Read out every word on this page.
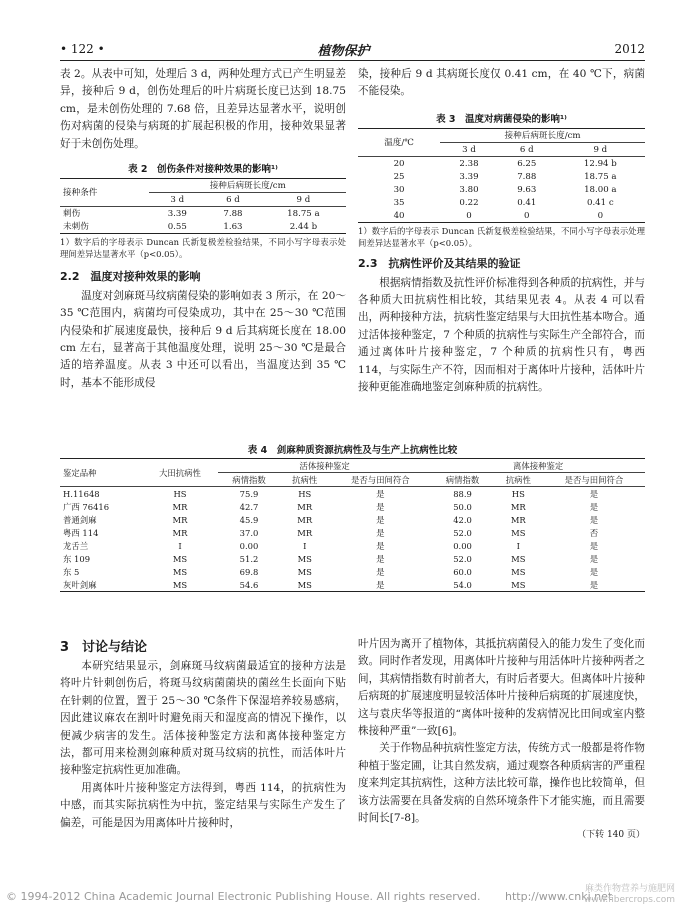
• 122 •	植物保护	2012

表 2。从表中可知，处理后 3 d，两种处理方式已产生明显差异，接种后 9 d，创伤处理后的叶片病斑长度已达到 18.75 cm，是未创伤处理的 7.68 倍，且差异达显著水平，说明创伤对病菌的侵染与病斑的扩展起积极的作用，接种效果显著好于未创伤处理。

表 2　创伤条件对接种效果的影响¹⁾
接种条件	接种后病斑长度/cm		
	3 d	6 d	9 d
刺伤	3.39	7.88	18.75 a
未刺伤	0.55	1.63	2.44 b
1）数字后的字母表示 Duncan 氏新复极差检验结果，不同小写字母表示处理间差异达显著水平（p<0.05）。

2.2　温度对接种效果的影响

温度对剑麻斑马纹病菌侵染的影响如表 3 所示，在 20～35 ℃范围内，病菌均可侵染成功，其中在 25～30 ℃范围内侵染和扩展速度最快，接种后 9 d 后其病斑长度在 18.00 cm 左右，显著高于其他温度处理，说明 25～30 ℃是最合适的培养温度。从表 3 中还可以看出，当温度达到 35 ℃时，基本不能形成侵

染，接种后 9 d 其病斑长度仅 0.41 cm，在 40 ℃下，病菌不能侵染。

表 3　温度对病菌侵染的影响¹⁾
温度/℃	接种后病斑长度/cm		
	3 d	6 d	9 d
20	2.38	6.25	12.94 b
25	3.39	7.88	18.75 a
30	3.80	9.63	18.00 a
35	0.22	0.41	0.41 c
40	0	0	0
1）数字后的字母表示 Duncan 氏新复极差检验结果，不同小写字母表示处理间差异达显著水平（p<0.05）。

2.3　抗病性评价及其结果的验证

根据病情指数及抗性评价标准得到各种质的抗病性，并与各种质大田抗病性相比较，其结果见表 4。从表 4 可以看出，两种接种方法，抗病性鉴定结果与大田抗性基本吻合。通过活体接种鉴定，7 个种质的抗病性与实际生产全部符合，而通过离体叶片接种鉴定，7 个种质的抗病性只有，粤西 114，与实际生产不符，因而相对于离体叶片接种，活体叶片接种更能准确地鉴定剑麻种质的抗病性。

表 4　剑麻种质资源抗病性及与生产上抗病性比较
鉴定品种	大田抗病性	活体接种鉴定			离体接种鉴定		
		病情指数	抗病性	是否与田间符合	病情指数	抗病性	是否与田间符合
H.11648	HS	75.9	HS	是	88.9	HS	是
广西 76416	MR	42.7	MR	是	50.0	MR	是
普通剑麻	MR	45.9	MR	是	42.0	MR	是
粤西 114	MR	37.0	MR	是	52.0	MS	否
龙舌兰	I	0.00	I	是	0.00	I	是
东 109	MS	51.2	MS	是	52.0	MS	是
东 5	MS	69.8	MS	是	60.0	MS	是
灰叶剑麻	MS	54.6	MS	是	54.0	MS	是
3　讨论与结论

本研究结果显示，剑麻斑马纹病菌最适宜的接种方法是将叶片针刺创伤后，将斑马纹病菌菌块的菌丝生长面向下贴在针刺的位置，置于 25～30 ℃条件下保湿培养较易感病，因此建议麻农在割叶时避免雨天和湿度高的情况下操作，以便减少病害的发生。活体接种鉴定方法和离体接种鉴定方法，都可用来检测剑麻种质对斑马纹病的抗性，而活体叶片接种鉴定抗病性更加准确。

用离体叶片接种鉴定方法得到，粤西 114，的抗病性为中感，而其实际抗病性为中抗，鉴定结果与实际生产发生了偏差，可能是因为用离体叶片接种时，

叶片因为离开了植物体，其抵抗病菌侵入的能力发生了变化而致。同时作者发现，用离体叶片接种与用活体叶片接种两者之间，其病情指数有时前者大，有时后者要大。但离体叶片接种后病斑的扩展速度明显较活体叶片接种后病斑的扩展速度快，这与袁庆华等报道的“离体叶接种的发病情况比田间或室内整株接种严重”一致[6]。

关于作物品种抗病性鉴定方法，传统方式一般都是将作物种植于鉴定圃，让其自然发病，通过观察各种质病害的严重程度来判定其抗病性，这种方法比较可靠，操作也比较简单，但该方法需要在具备发病的自然环境条件下才能实施，而且需要时间长[7-8]。

（下转 140 页）

© 1994-2012 China Academic Journal Electronic Publishing House. All rights reserved. http://www.cnki.net
麻类作物营养与施肥网
www.fibercrops.com
